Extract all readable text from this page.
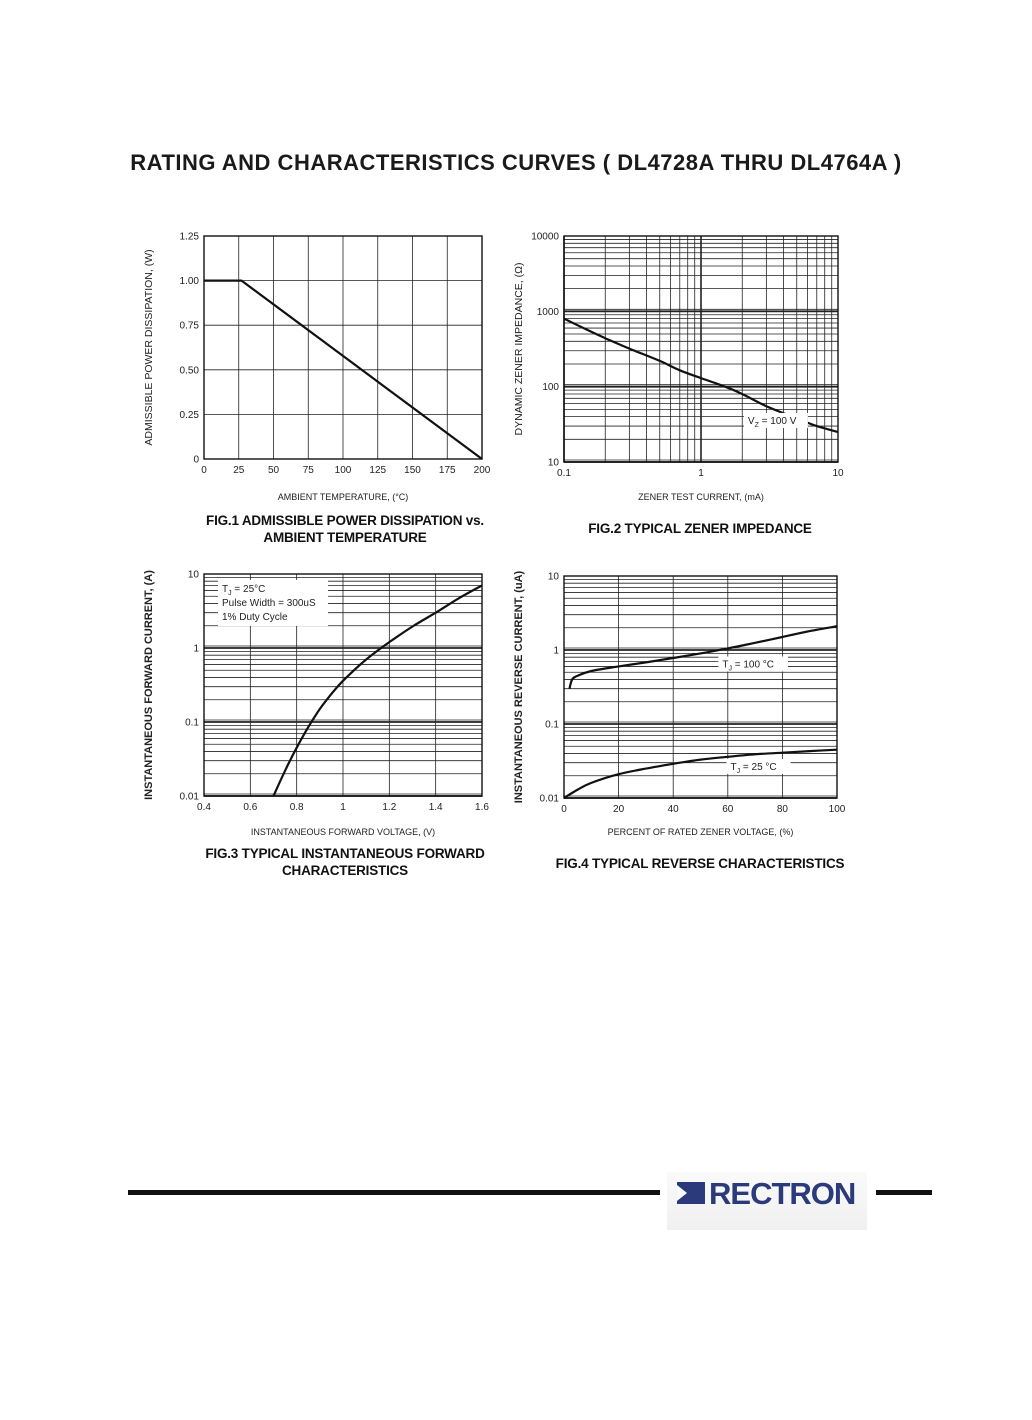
RATING AND CHARACTERISTICS CURVES ( DL4728A THRU DL4764A )
0	25 50 75 100 125 150 175 200
0
0.25
0.50
0.75
1.00
1.25
AMBIENT TEMPERATURE, (°C)
ADMISSIBLE POWER DISSIPATION, (W)
FIG.1 ADMISSIBLE POWER DISSIPATION vs.
AMBIENT TEMPERATURE
0.1	1	10
10
100
1000
10000
ZENER TEST CURRENT, (mA)
DYNAMIC ZENER IMPEDANCE, (Ω)	$V_Z = 100$ V
FIG.2 TYPICAL ZENER IMPEDANCE
0.4	0.6	0.8	1	1.2	1.4	1.6
0.01
0.1
1
10
INSTANTANEOUS FORWARD VOLTAGE, (V)
INSTANTANEOUS FORWARD CURRENT, (A)	$T_J = 25^\circ C$
Pulse Width = 300uS
1% Duty Cycle
FIG.3 TYPICAL INSTANTANEOUS FORWARD
CHARACTERISTICS
0	20	40	60	80	100
0.01
0.1
1
10
PERCENT OF RATED ZENER VOLTAGE, (%)
INSTANTANEOUS REVERSE CURRENT, (uA)	$T_J = 100$ °C
$T_J = 25$ °C
FIG.4 TYPICAL REVERSE CHARACTERISTICS
RECTRON
